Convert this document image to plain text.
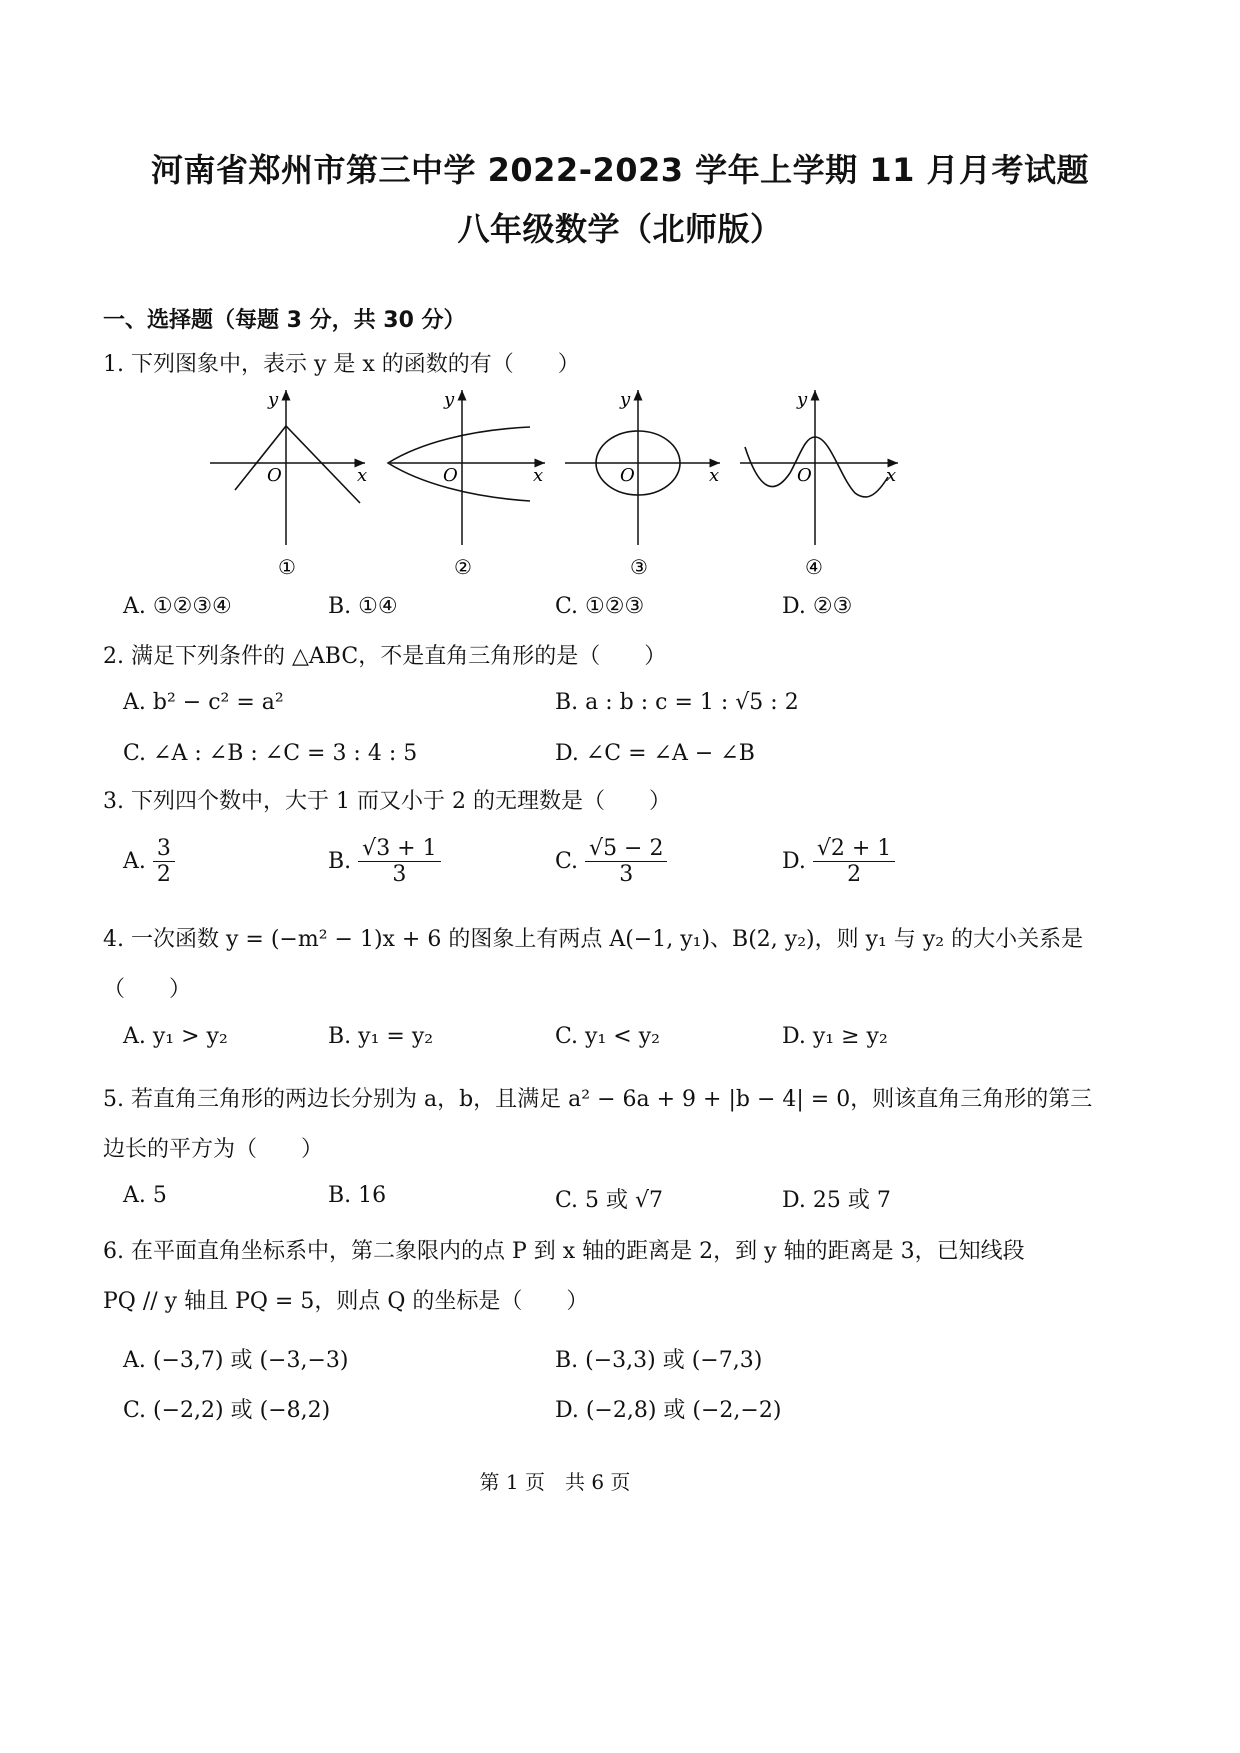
河南省郑州市第三中学 2022-2023 学年上学期 11 月月考试题
八年级数学（北师版）
一、选择题（每题 3 分，共 30 分）
1. 下列图象中，表示 y 是 x 的函数的有（　　）
y
x
O
y
x
O
y
x
O
y
x
O
①	②	③	④
A. ①②③④	B. ①④	C. ①②③	D. ②③
2. 满足下列条件的 △ABC，不是直角三角形的是（　　）
A. b² − c² = a²	B. a : b : c = 1 : √5 : 2
C. ∠A : ∠B : ∠C = 3 : 4 : 5	D. ∠C = ∠A − ∠B
3. 下列四个数中，大于 1 而又小于 2 的无理数是（　　）
A. $\frac{3}{2}$	B. $\frac{√3 + 1}{3}$	C. $\frac{√5 - 2}{3}$	D. $\frac{√2 + 1}{2}$
4. 一次函数 y = (−m² − 1)x + 6 的图象上有两点 A(−1, y₁)、B(2, y₂)，则 y₁ 与 y₂ 的大小关系是
（　　）
A. y₁ > y₂	B. y₁ = y₂	C. y₁ < y₂	D. y₁ ≥ y₂
5. 若直角三角形的两边长分别为 a，b，且满足 a² − 6a + 9 + |b − 4| = 0，则该直角三角形的第三
边长的平方为（　　）
A. 5	B. 16	C. 5 或 √7	D. 25 或 7
6. 在平面直角坐标系中，第二象限内的点 P 到 x 轴的距离是 2，到 y 轴的距离是 3，已知线段
PQ // y 轴且 PQ = 5，则点 Q 的坐标是（　　）
A. (−3,7) 或 (−3,−3)	B. (−3,3) 或 (−7,3)
C. (−2,2) 或 (−8,2)	D. (−2,8) 或 (−2,−2)
第 1 页　共 6 页
